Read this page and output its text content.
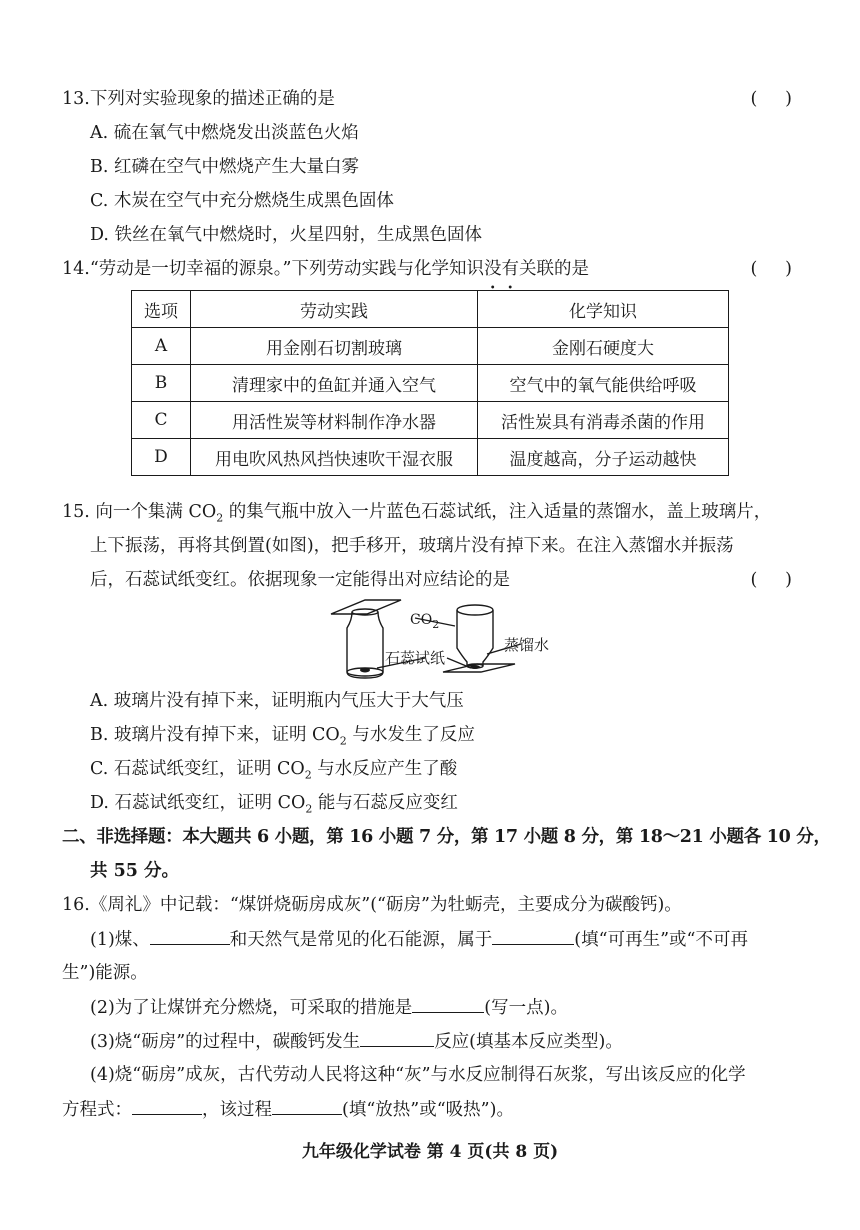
13.下列对实验现象的描述正确的是	(     )
A. 硫在氧气中燃烧发出淡蓝色火焰
B. 红磷在空气中燃烧产生大量白雾
C. 木炭在空气中充分燃烧生成黑色固体
D. 铁丝在氧气中燃烧时，火星四射，生成黑色固体
14.“劳动是一切幸福的源泉。”下列劳动实践与化学知识没有关联的是	(     )
选项	劳动实践	化学知识
A	用金刚石切割玻璃	金刚石硬度大
B	清理家中的鱼缸并通入空气	空气中的氧气能供给呼吸
C	用活性炭等材料制作净水器	活性炭具有消毒杀菌的作用
D	用电吹风热风挡快速吹干湿衣服	温度越高，分子运动越快
15. 向一个集满 $CO_2$ 的集气瓶中放入一片蓝色石蕊试纸，注入适量的蒸馏水，盖上玻璃片，
上下振荡，再将其倒置(如图)，把手移开，玻璃片没有掉下来。在注入蒸馏水并振荡
后，石蕊试纸变红。依据现象一定能得出对应结论的是	(     )
$CO_2$
蒸馏水
石蕊试纸
A. 玻璃片没有掉下来，证明瓶内气压大于大气压
B. 玻璃片没有掉下来，证明 $CO_2$ 与水发生了反应
C. 石蕊试纸变红，证明 $CO_2$ 与水反应产生了酸
D. 石蕊试纸变红，证明 $CO_2$ 能与石蕊反应变红
二、非选择题：本大题共 6 小题，第 16 小题 7 分，第 17 小题 8 分，第 18～21 小题各 10 分，
共 55 分。
16.《周礼》中记载：“煤饼烧砺房成灰”(“砺房”为牡蛎壳，主要成分为碳酸钙)。
(1)煤、	和天然气是常见的化石能源，属于	(填“可再生”或“不可再
生”)能源。
(2)为了让煤饼充分燃烧，可采取的措施是	(写一点)。
(3)烧“砺房”的过程中，碳酸钙发生	反应(填基本反应类型)。
(4)烧“砺房”成灰，古代劳动人民将这种“灰”与水反应制得石灰浆，写出该反应的化学
方程式：	，该过程	(填“放热”或“吸热”)。
九年级化学试卷 第 4 页(共 8 页)
